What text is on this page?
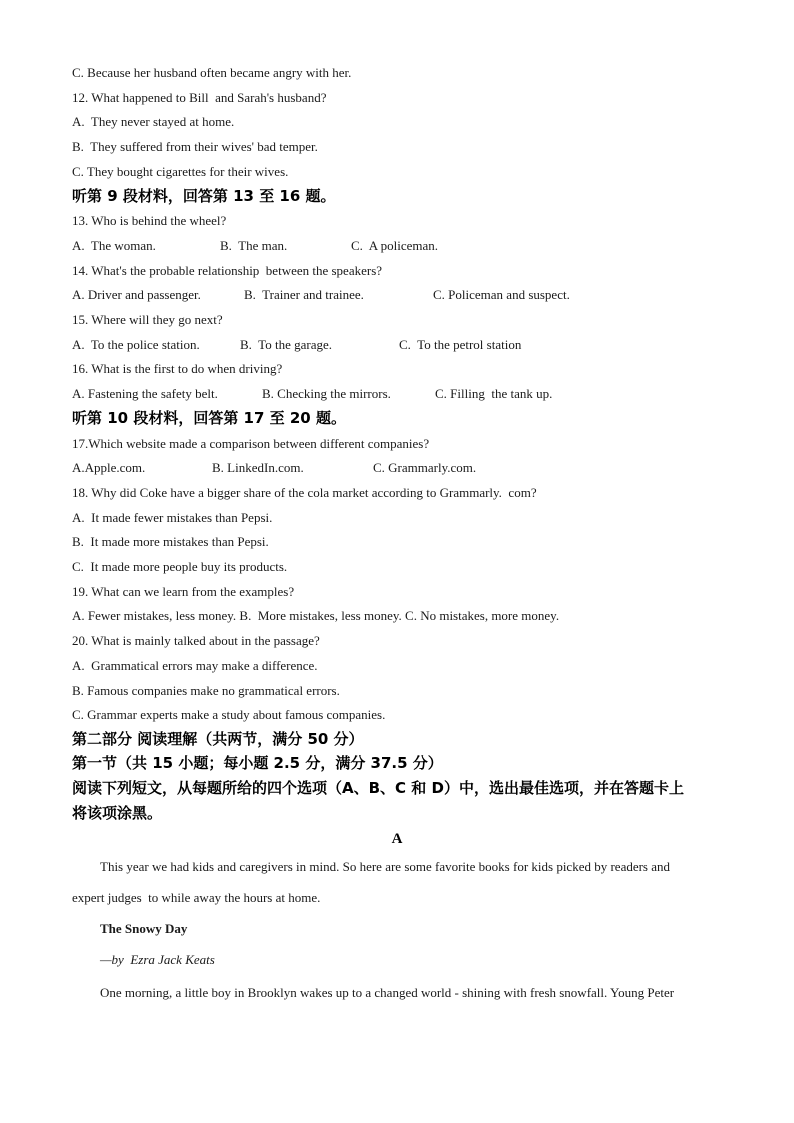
C. Because her husband often became angry with her.
12. What happened to Bill  and Sarah's husband?
A.  They never stayed at home.
B.  They suffered from their wives' bad temper.
C. They bought cigarettes for their wives.
听第 9 段材料，回答第 13 至 16 题。
13. Who is behind the wheel?
A.  The woman.	B.  The man.	C.  A policeman.
14. What's the probable relationship  between the speakers?
A. Driver and passenger.	B.  Trainer and trainee.	C. Policeman and suspect.
15. Where will they go next?
A.  To the police station.	B.  To the garage.	C.  To the petrol station
16. What is the first to do when driving?
A. Fastening the safety belt.	B. Checking the mirrors.	C. Filling  the tank up.
听第 10 段材料，回答第 17 至 20 题。
17.Which website made a comparison between different companies?
A.Apple.com.	B. LinkedIn.com.	C. Grammarly.com.
18. Why did Coke have a bigger share of the cola market according to Grammarly.  com?
A.  It made fewer mistakes than Pepsi.
B.  It made more mistakes than Pepsi.
C.  It made more people buy its products.
19. What can we learn from the examples?
A. Fewer mistakes, less money. B.  More mistakes, less money. C. No mistakes, more money.
20. What is mainly talked about in the passage?
A.  Grammatical errors may make a difference.
B. Famous companies make no grammatical errors.
C. Grammar experts make a study about famous companies.
第二部分 阅读理解（共两节，满分 50 分）
第一节（共 15 小题；每小题 2.5 分，满分 37.5 分）
阅读下列短文，从每题所给的四个选项（A、B、C 和 D）中，选出最佳选项，并在答题卡上
将该项涂黑。
A
This year we had kids and caregivers in mind. So here are some favorite books for kids picked by readers and
expert judges  to while away the hours at home.
The Snowy Day
—by  Ezra Jack Keats
One morning, a little boy in Brooklyn wakes up to a changed world - shining with fresh snowfall. Young Peter
